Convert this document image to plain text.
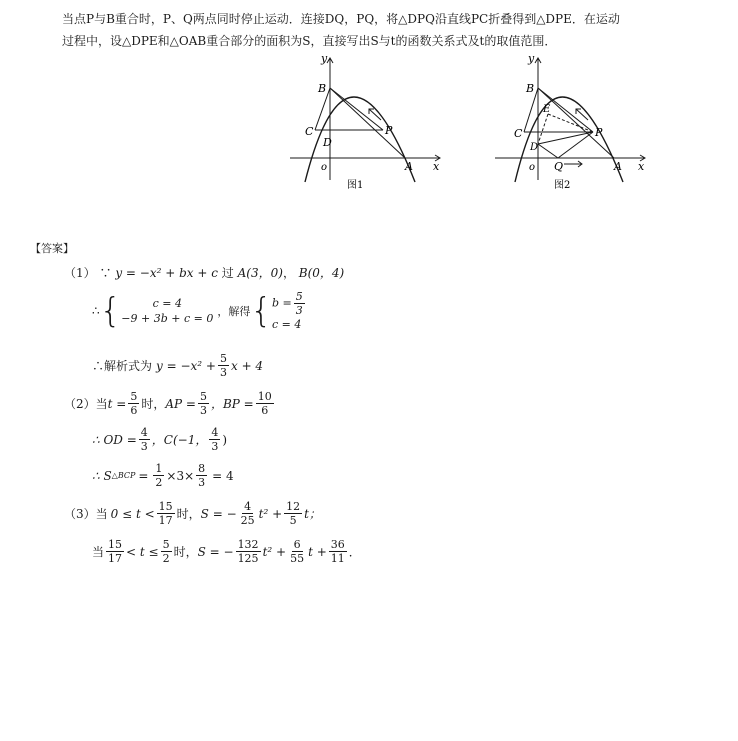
当点P与B重合时，P、Q两点同时停止运动．连接DQ，PQ，将△DPQ沿直线PC折叠得到△DPE．在运动
过程中，设△DPE和△OAB重合部分的面积为S，直接写出S与t的函数关系式及t的取值范围．
y
x
o
B
C
D
P
A
图1
y
x
o
B
C
D
E
P
Q	A
图2
【答案】
（1） ∵ y = −x² + bx + c 过 A(3，0)， B(0，4)
∴ {	c = 4
−9 + 3b + c = 0
，解得 { $b = \frac{5}{3}$
c = 4
∴解析式为 $y = -x^2 + \frac{5}{3}$ x + 4
（2）当 $t = \frac{5}{6}$ 时， AP = $\frac{5}{3}$ ，BP = $\frac{10}{6}$
∴ OD = $\frac{4}{3}$ ，C(−1， $\frac{4}{3}$ )
∴ S △BCP = $\frac{1}{2} \times 3\times \frac{8}{3} = 4$
（3）当 $0 \le t < \frac{15}{17}$ 时， S = − $\frac{4}{25} t^2 + \frac{12}{5}$ t；
当 $\frac{15}{17} < t \le \frac{5}{2}$ 时， S = − $\frac{132}{125} t^2 + \frac{6}{55}$ $t + \frac{36}{11}$ ．
